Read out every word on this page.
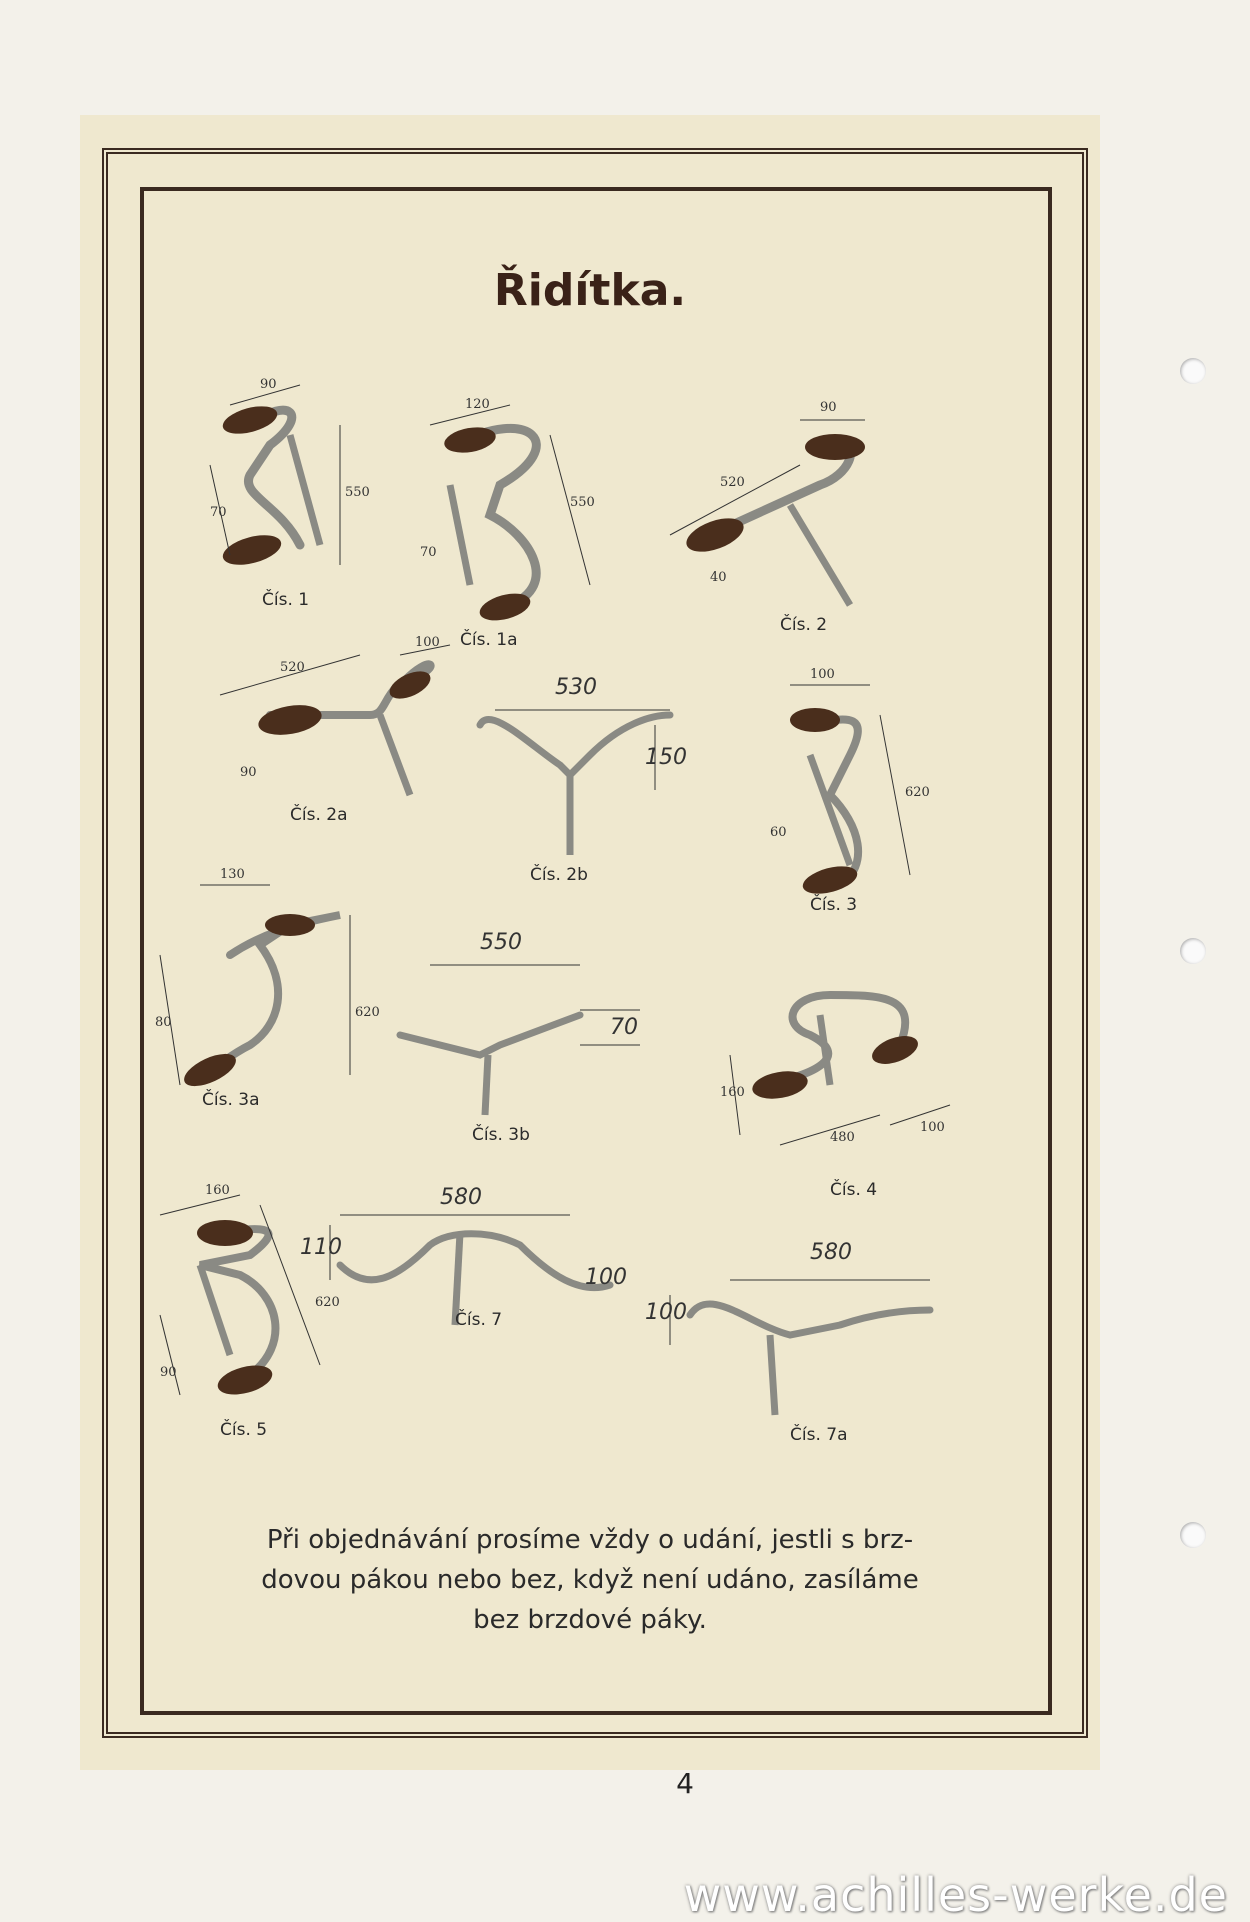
Řidítka.
90
70
550
Čís. 1
120
70
550
Čís. 1a
90
520
40
Čís. 2
520
100
90
Čís. 2a
530
150
Čís. 2b
100
620
60
Čís. 3
130
80
620
Čís. 3a
550
70
Čís. 3b
160
480
100
Čís. 4
160
90
620
Čís. 5
580
110
100
Čís. 7
580
100
Čís. 7a
Při objednávání prosíme vždy o udání, jestli s brz-
dovou pákou nebo bez, když není udáno, zasíláme
bez brzdové páky.
4
www.achilles-werke.de
